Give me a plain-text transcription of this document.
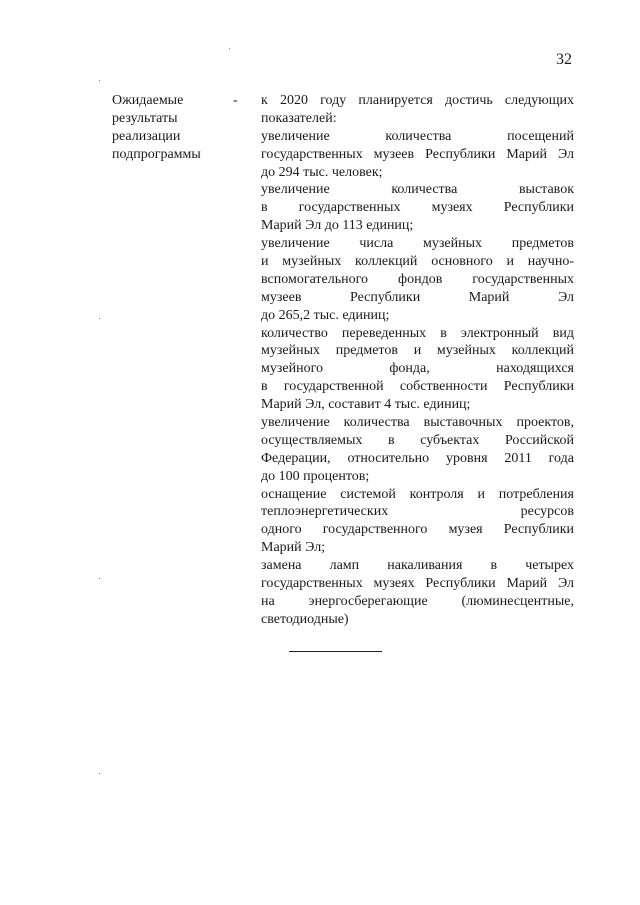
32
Ожидаемые
результаты
реализации
подпрограммы
- к 2020 году планируется достичь следующих
показателей:
увеличение количества посещений
государственных музеев Республики Марий Эл
до 294 тыс. человек;
увеличение количества выставок
в государственных музеях Республики
Марий Эл до 113 единиц;
увеличение числа музейных предметов
и музейных коллекций основного и научно-
вспомогательного фондов государственных
музеев Республики Марий Эл
до 265,2 тыс. единиц;
количество переведенных в электронный вид
музейных предметов и музейных коллекций
музейного фонда, находящихся
в государственной собственности Республики
Марий Эл, составит 4 тыс. единиц;
увеличение количества выставочных проектов,
осуществляемых в субъектах Российской
Федерации, относительно уровня 2011 года
до 100 процентов;
оснащение системой контроля и потребления
теплоэнергетических ресурсов
одного государственного музея Республики
Марий Эл;
замена ламп накаливания в четырех
государственных музеях Республики Марий Эл
на энергосберегающие (люминесцентные,
светодиодные)
